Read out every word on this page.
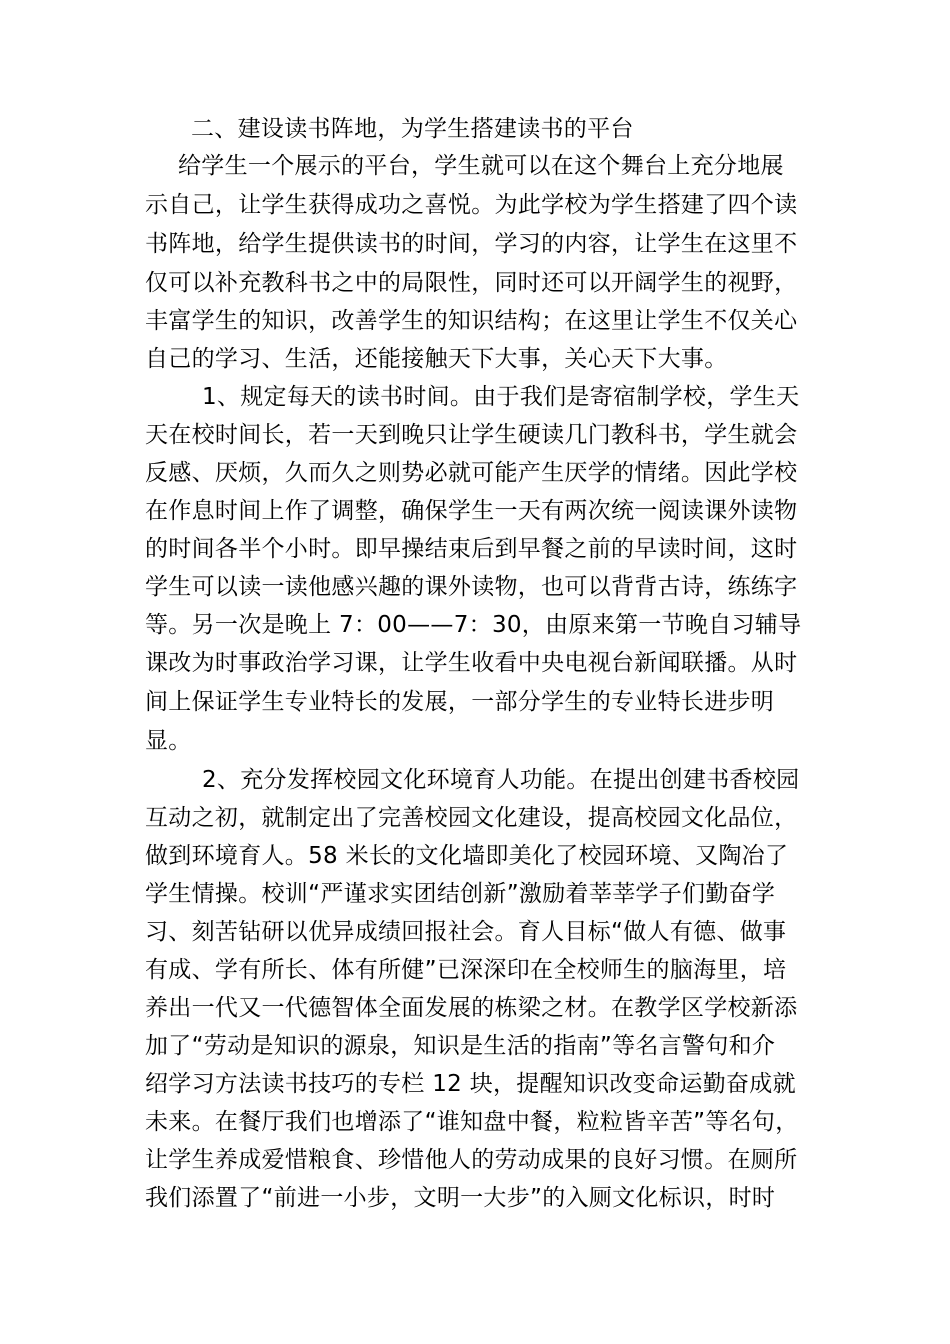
二、建设读书阵地，为学生搭建读书的平台
给学生一个展示的平台，学生就可以在这个舞台上充分地展
示自己，让学生获得成功之喜悦。为此学校为学生搭建了四个读
书阵地，给学生提供读书的时间，学习的内容，让学生在这里不
仅可以补充教科书之中的局限性，同时还可以开阔学生的视野，
丰富学生的知识，改善学生的知识结构；在这里让学生不仅关心
自己的学习、生活，还能接触天下大事，关心天下大事。
1、规定每天的读书时间。由于我们是寄宿制学校，学生天
天在校时间长，若一天到晚只让学生硬读几门教科书，学生就会
反感、厌烦，久而久之则势必就可能产生厌学的情绪。因此学校
在作息时间上作了调整，确保学生一天有两次统一阅读课外读物
的时间各半个小时。即早操结束后到早餐之前的早读时间，这时
学生可以读一读他感兴趣的课外读物，也可以背背古诗，练练字
等。另一次是晚上 7：00——7：30，由原来第一节晚自习辅导
课改为时事政治学习课，让学生收看中央电视台新闻联播。从时
间上保证学生专业特长的发展，一部分学生的专业特长进步明
显。
2、充分发挥校园文化环境育人功能。在提出创建书香校园
互动之初，就制定出了完善校园文化建设，提高校园文化品位，
做到环境育人。58 米长的文化墙即美化了校园环境、又陶冶了
学生情操。校训“严谨求实团结创新”激励着莘莘学子们勤奋学
习、刻苦钻研以优异成绩回报社会。育人目标“做人有德、做事
有成、学有所长、体有所健”已深深印在全校师生的脑海里，培
养出一代又一代德智体全面发展的栋梁之材。在教学区学校新添
加了“劳动是知识的源泉，知识是生活的指南”等名言警句和介
绍学习方法读书技巧的专栏 12 块，提醒知识改变命运勤奋成就
未来。在餐厅我们也增添了“谁知盘中餐，粒粒皆辛苦”等名句，
让学生养成爱惜粮食、珍惜他人的劳动成果的良好习惯。在厕所
我们添置了“前进一小步，文明一大步”的入厕文化标识，时时
